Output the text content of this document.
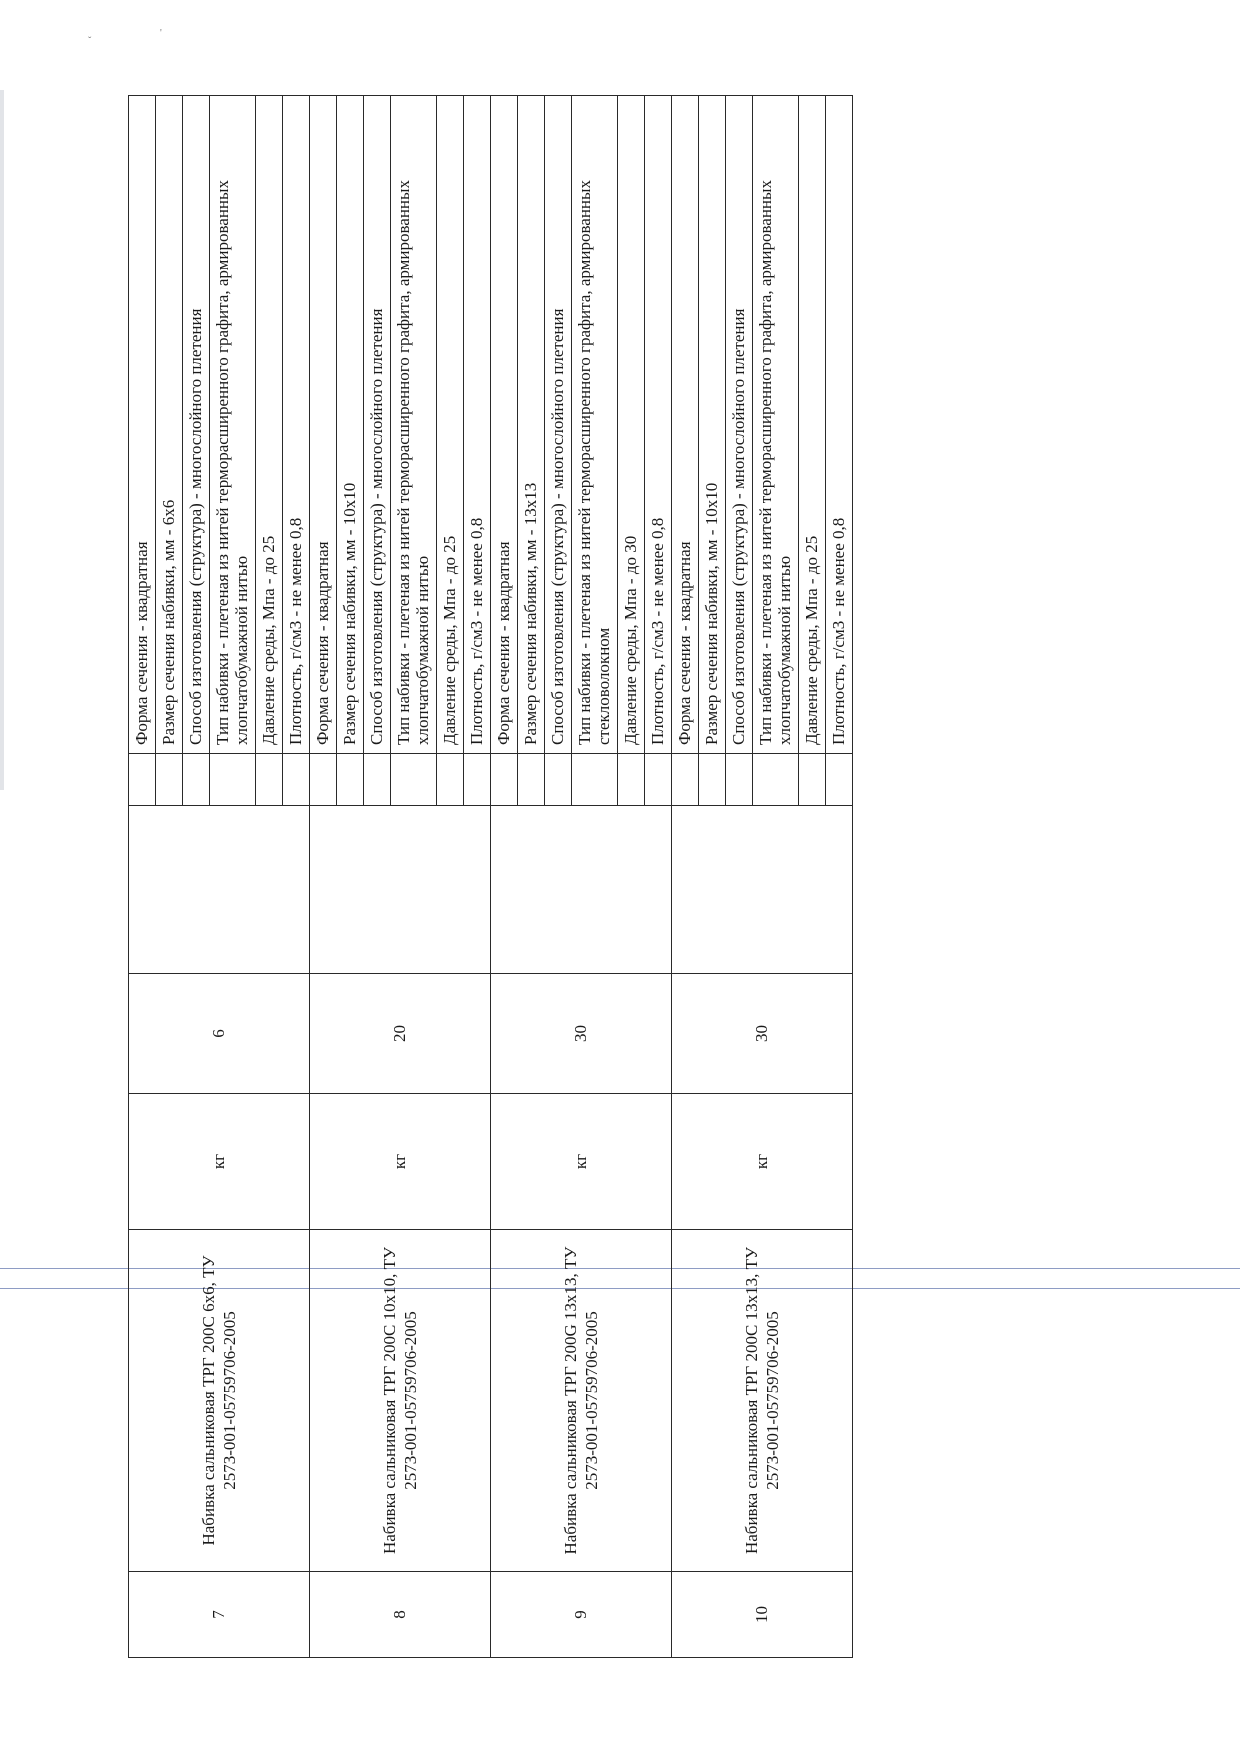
ˇ
'
7	Набивка сальниковая ТРГ 200С 6х6, ТУ 2573-001-05759706-2005	кг	6			Форма сечения - квадратная
						Размер сечения набивки, мм - 6х6
						Способ изготовления (структура) - многослойного плетения
						Тип набивки - плетеная из нитей терморасширенного графита, армированных хлопчатобумажной нитью
						Давление среды, Мпа - до 25
						Плотность, г/см3 - не менее 0,8
8	Набивка сальниковая ТРГ 200С 10х10, ТУ 2573-001-05759706-2005	кг	20			Форма сечения - квадратная
						Размер сечения набивки, мм - 10х10
						Способ изготовления (структура) - многослойного плетения
						Тип набивки - плетеная из нитей терморасширенного графита, армированных хлопчатобумажной нитью
						Давление среды, Мпа - до 25
						Плотность, г/см3 - не менее 0,8
9	Набивка сальниковая ТРГ 200G 13х13, ТУ 2573-001-05759706-2005	кг	30			Форма сечения - квадратная
						Размер сечения набивки, мм - 13х13
						Способ изготовления (структура) - многослойного плетения
						Тип набивки - плетеная из нитей терморасширенного графита, армированных стекловолокном
						Давление среды, Мпа - до 30
						Плотность, г/см3 - не менее 0,8
10	Набивка сальниковая ТРГ 200С 13х13, ТУ 2573-001-05759706-2005	кг	30			Форма сечения - квадратная
						Размер сечения набивки, мм - 10х10
						Способ изготовления (структура) - многослойного плетения
						Тип набивки - плетеная из нитей терморасширенного графита, армированных хлопчатобумажной нитью
						Давление среды, Мпа - до 25
						Плотность, г/см3 - не менее 0,8
